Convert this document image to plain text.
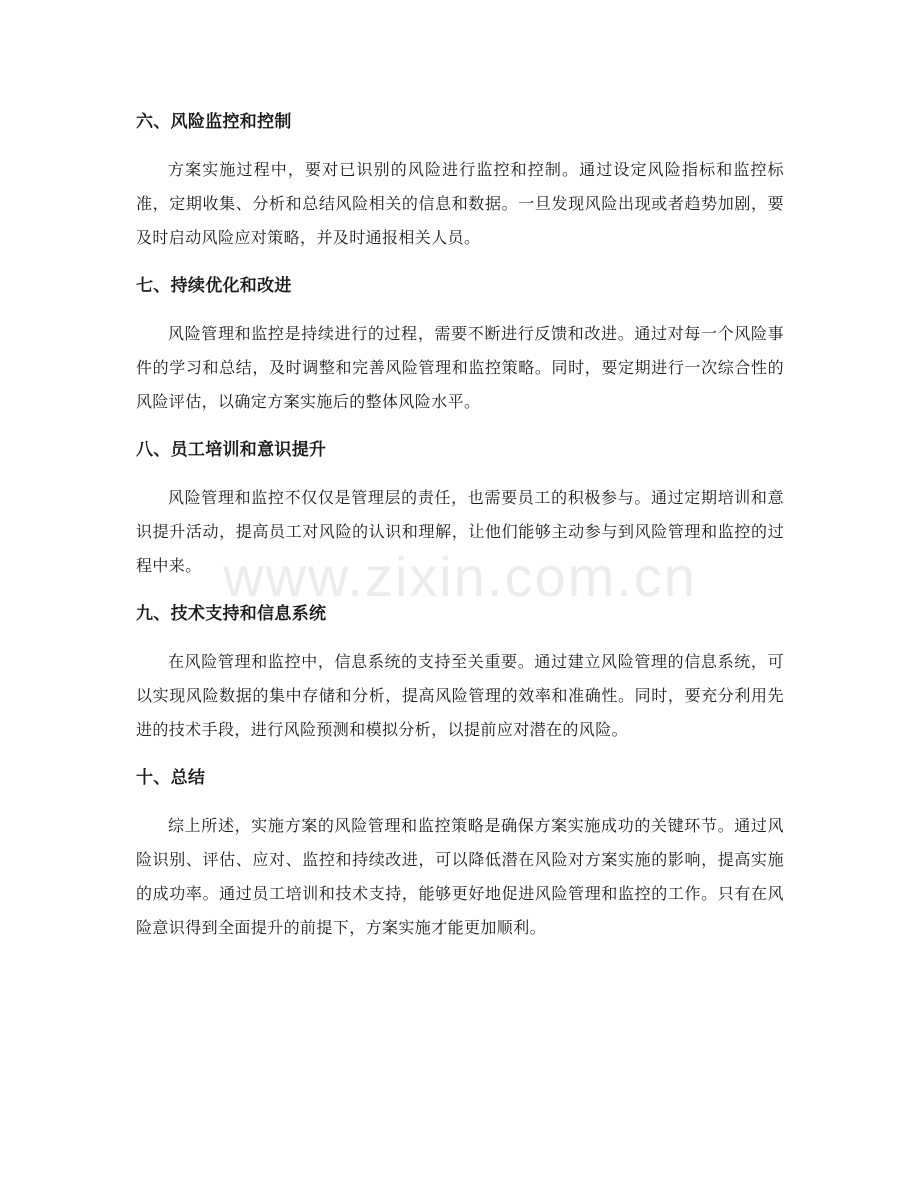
六、风险监控和控制

方案实施过程中，要对已识别的风险进行监控和控制。通过设定风险指标和监控标准，定期收集、分析和总结风险相关的信息和数据。一旦发现风险出现或者趋势加剧，要及时启动风险应对策略，并及时通报相关人员。

七、持续优化和改进

风险管理和监控是持续进行的过程，需要不断进行反馈和改进。通过对每一个风险事件的学习和总结，及时调整和完善风险管理和监控策略。同时，要定期进行一次综合性的风险评估，以确定方案实施后的整体风险水平。

八、员工培训和意识提升

风险管理和监控不仅仅是管理层的责任，也需要员工的积极参与。通过定期培训和意识提升活动，提高员工对风险的认识和理解，让他们能够主动参与到风险管理和监控的过程中来。

九、技术支持和信息系统

在风险管理和监控中，信息系统的支持至关重要。通过建立风险管理的信息系统，可以实现风险数据的集中存储和分析，提高风险管理的效率和准确性。同时，要充分利用先进的技术手段，进行风险预测和模拟分析，以提前应对潜在的风险。

十、总结

综上所述，实施方案的风险管理和监控策略是确保方案实施成功的关键环节。通过风险识别、评估、应对、监控和持续改进，可以降低潜在风险对方案实施的影响，提高实施的成功率。通过员工培训和技术支持，能够更好地促进风险管理和监控的工作。只有在风险意识得到全面提升的前提下，方案实施才能更加顺利。

www.zixin.com.cn
